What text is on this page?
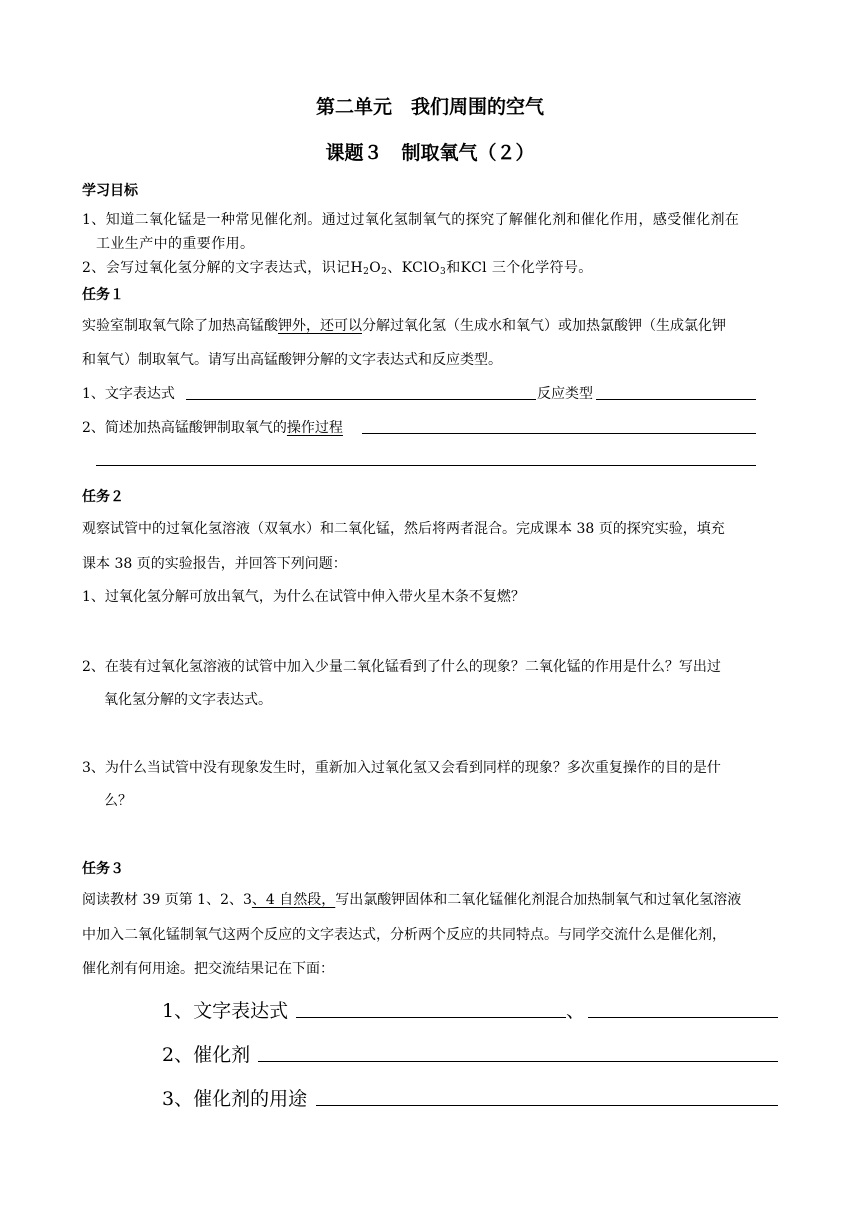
第二单元　我们周围的空气
课题３　制取氧气（２）
学习目标
1、知道二氧化锰是一种常见催化剂。通过过氧化氢制氧气的探究了解催化剂和催化作用，感受催化剂在
工业生产中的重要作用。
2、会写过氧化氢分解的文字表达式，识记$H_2O_2$、KClO$_3$和KCl 三个化学符号。
任务１
实验室制取氧气除了加热高锰酸钾外，还可以分解过氧化氢（生成水和氧气）或加热氯酸钾（生成氯化钾
和氧气）制取氧气。请写出高锰酸钾分解的文字表达式和反应类型。
1、文字表达式	反应类型
2、简述加热高锰酸钾制取氧气的操作过程
任务２
观察试管中的过氧化氢溶液（双氧水）和二氧化锰，然后将两者混合。完成课本 38 页的探究实验，填充
课本 38 页的实验报告，并回答下列问题：
1、过氧化氢分解可放出氧气，为什么在试管中伸入带火星木条不复燃？
2、在装有过氧化氢溶液的试管中加入少量二氧化锰看到了什么的现象？二氧化锰的作用是什么？写出过
氧化氢分解的文字表达式。
3、为什么当试管中没有现象发生时，重新加入过氧化氢又会看到同样的现象？多次重复操作的目的是什
么？
任务３
阅读教材 39 页第 1、2、3、4 自然段，写出氯酸钾固体和二氧化锰催化剂混合加热制氧气和过氧化氢溶液
中加入二氧化锰制氧气这两个反应的文字表达式，分析两个反应的共同特点。与同学交流什么是催化剂，
催化剂有何用途。把交流结果记在下面：
1、文字表达式	、
2、催化剂
3、催化剂的用途
